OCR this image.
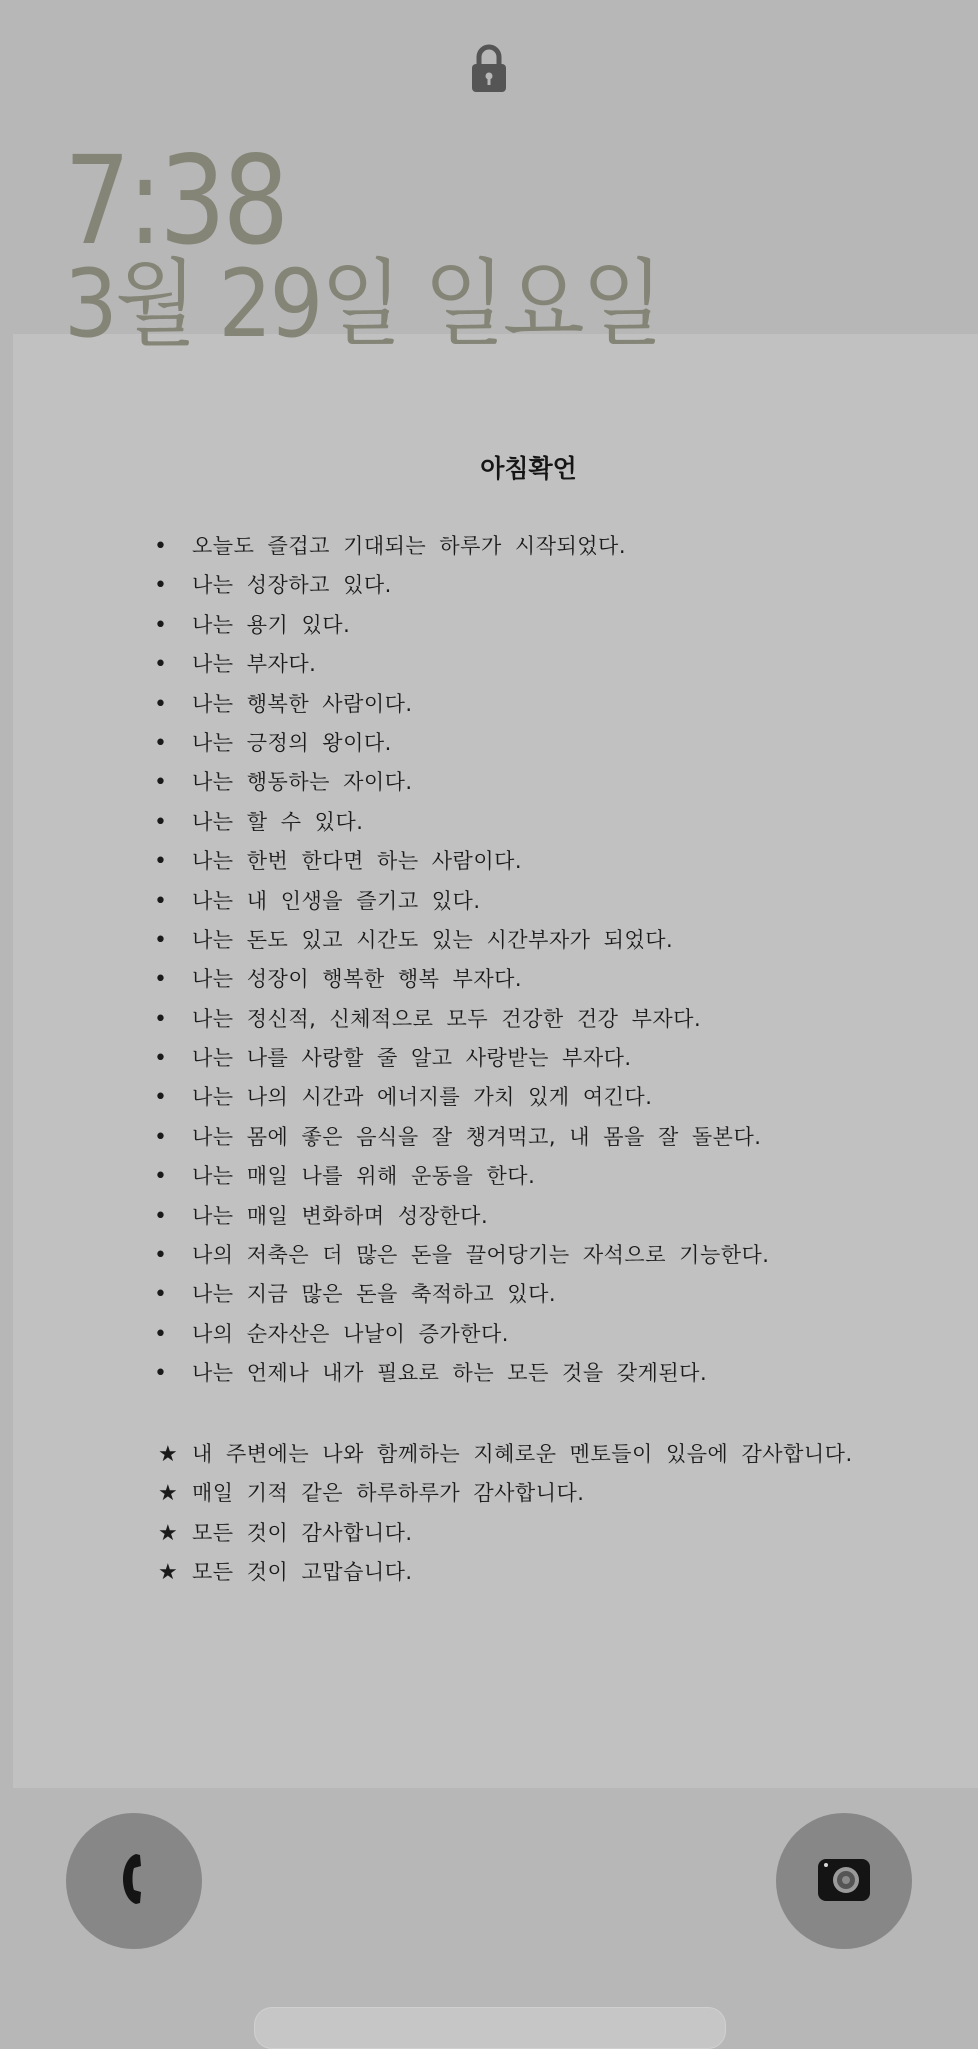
7:38
3월 29일 일요일
아침확언
• 오늘도 즐겁고 기대되는 하루가 시작되었다.
• 나는 성장하고 있다.
• 나는 용기 있다.
• 나는 부자다.
• 나는 행복한 사람이다.
• 나는 긍정의 왕이다.
• 나는 행동하는 자이다.
• 나는 할 수 있다.
• 나는 한번 한다면 하는 사람이다.
• 나는 내 인생을 즐기고 있다.
• 나는 돈도 있고 시간도 있는 시간부자가 되었다.
• 나는 성장이 행복한 행복 부자다.
• 나는 정신적, 신체적으로 모두 건강한 건강 부자다.
• 나는 나를 사랑할 줄 알고 사랑받는 부자다.
• 나는 나의 시간과 에너지를 가치 있게 여긴다.
• 나는 몸에 좋은 음식을 잘 챙겨먹고, 내 몸을 잘 돌본다.
• 나는 매일 나를 위해 운동을 한다.
• 나는 매일 변화하며 성장한다.
• 나의 저축은 더 많은 돈을 끌어당기는 자석으로 기능한다.
• 나는 지금 많은 돈을 축적하고 있다.
• 나의 순자산은 나날이 증가한다.
• 나는 언제나 내가 필요로 하는 모든 것을 갖게된다.
★ 내 주변에는 나와 함께하는 지혜로운 멘토들이 있음에 감사합니다.
★ 매일 기적 같은 하루하루가 감사합니다.
★ 모든 것이 감사합니다.
★ 모든 것이 고맙습니다.
